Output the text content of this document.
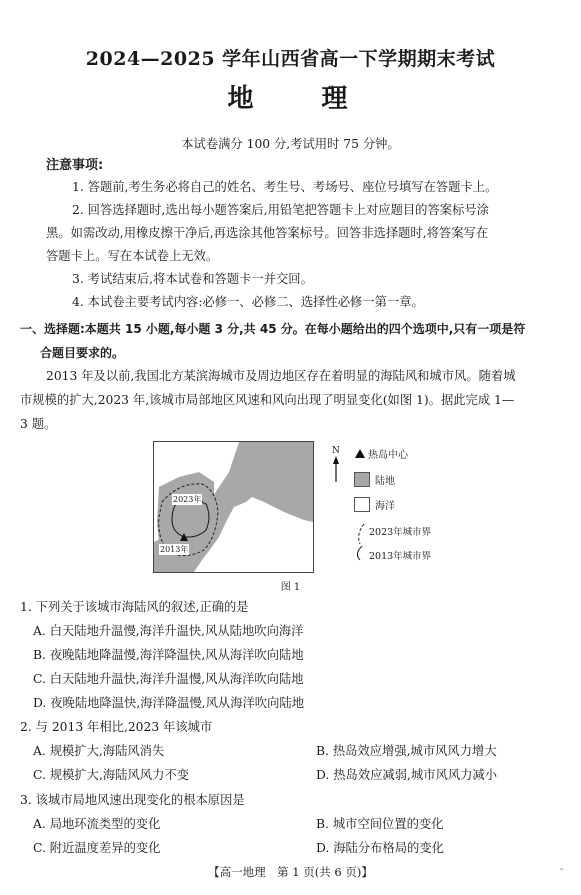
2024—2025 学年山西省高一下学期期末考试
地 理
本试卷满分 100 分,考试用时 75 分钟。
注意事项:
1. 答题前,考生务必将自己的姓名、考生号、考场号、座位号填写在答题卡上。
2. 回答选择题时,选出每小题答案后,用铅笔把答题卡上对应题目的答案标号涂
黑。如需改动,用橡皮擦干净后,再选涂其他答案标号。回答非选择题时,将答案写在
答题卡上。写在本试卷上无效。
3. 考试结束后,将本试卷和答题卡一并交回。
4. 本试卷主要考试内容:必修一、必修二、选择性必修一第一章。
一、选择题:本题共 15 小题,每小题 3 分,共 45 分。在每小题给出的四个选项中,只有一项是符
合题目要求的。
2013 年及以前,我国北方某滨海城市及周边地区存在着明显的海陆风和城市风。随着城
市规模的扩大,2023 年,该城市局部地区风速和风向出现了明显变化(如图 1)。据此完成 1—
3 题。
2023年
2013年
N	热岛中心
陆地
海洋
2023年城市界
2013年城市界
图 1
1. 下列关于该城市海陆风的叙述,正确的是
A. 白天陆地升温慢,海洋升温快,风从陆地吹向海洋
B. 夜晚陆地降温慢,海洋降温快,风从海洋吹向陆地
C. 白天陆地升温快,海洋升温慢,风从海洋吹向陆地
D. 夜晚陆地降温快,海洋降温慢,风从海洋吹向陆地
2. 与 2013 年相比,2023 年该城市
A. 规模扩大,海陆风消失	B. 热岛效应增强,城市风风力增大
C. 规模扩大,海陆风风力不变	D. 热岛效应减弱,城市风风力减小
3. 该城市局地风速出现变化的根本原因是
A. 局地环流类型的变化	B. 城市空间位置的变化
C. 附近温度差异的变化	D. 海陆分布格局的变化
【高一地理　第 1 页(共 6 页)】	-
